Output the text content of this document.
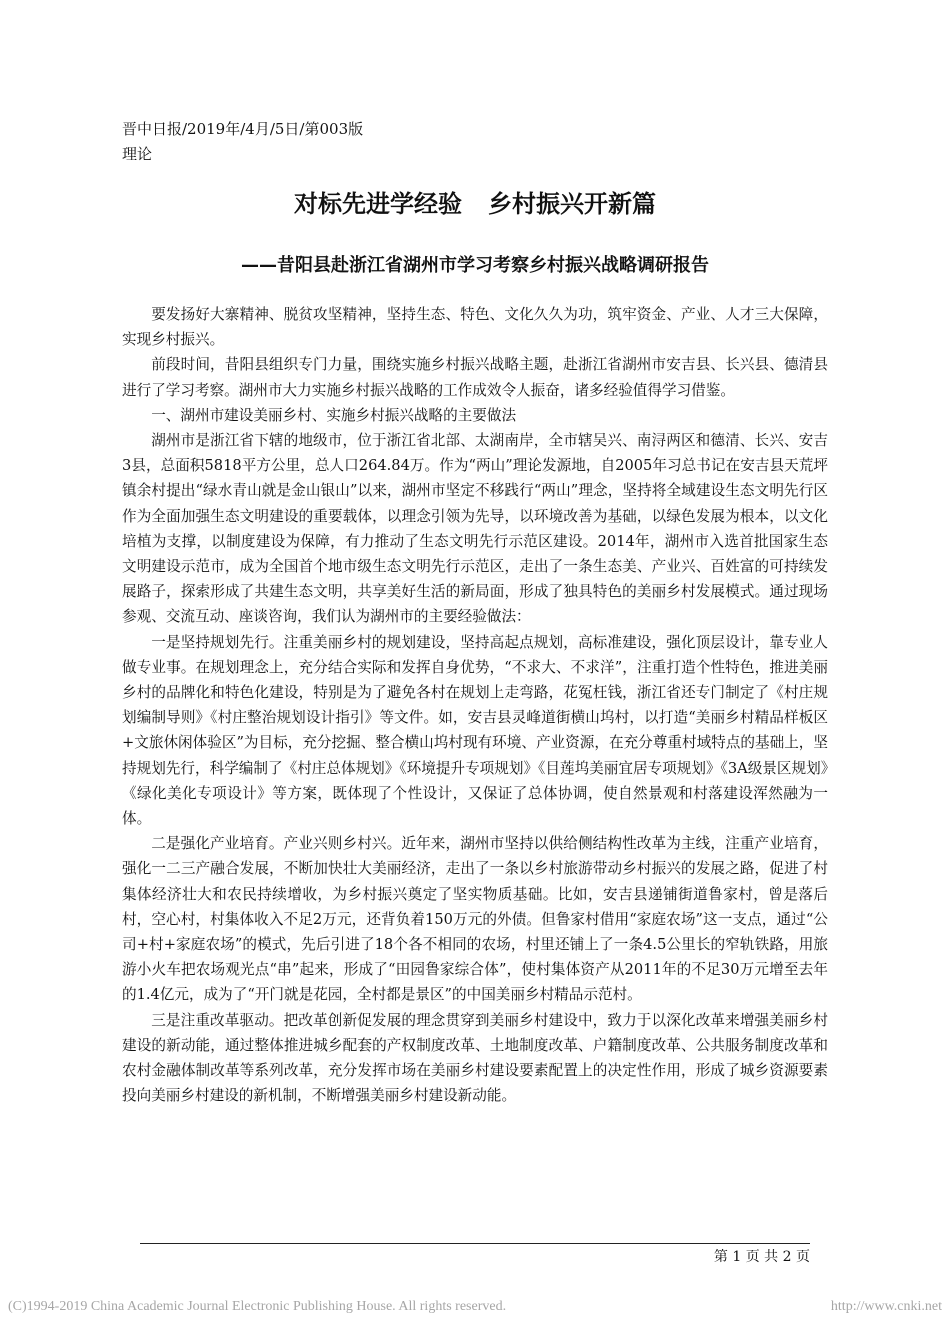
晋中日报/2019年/4月/5日/第003版
理论
对标先进学经验 乡村振兴开新篇
——昔阳县赴浙江省湖州市学习考察乡村振兴战略调研报告

要发扬好大寨精神、脱贫攻坚精神，坚持生态、特色、文化久久为功，筑牢资金、产业、人才三大保障，实现乡村振兴。

前段时间，昔阳县组织专门力量，围绕实施乡村振兴战略主题，赴浙江省湖州市安吉县、长兴县、德清县进行了学习考察。湖州市大力实施乡村振兴战略的工作成效令人振奋，诸多经验值得学习借鉴。

一、湖州市建设美丽乡村、实施乡村振兴战略的主要做法

湖州市是浙江省下辖的地级市，位于浙江省北部、太湖南岸，全市辖吴兴、南浔两区和德清、长兴、安吉3县，总面积5818平方公里，总人口264.84万。作为“两山”理论发源地，自2005年习总书记在安吉县天荒坪镇余村提出“绿水青山就是金山银山”以来，湖州市坚定不移践行“两山”理念，坚持将全域建设生态文明先行区作为全面加强生态文明建设的重要载体，以理念引领为先导，以环境改善为基础，以绿色发展为根本，以文化培植为支撑，以制度建设为保障，有力推动了生态文明先行示范区建设。2014年，湖州市入选首批国家生态文明建设示范市，成为全国首个地市级生态文明先行示范区，走出了一条生态美、产业兴、百姓富的可持续发展路子，探索形成了共建生态文明，共享美好生活的新局面，形成了独具特色的美丽乡村发展模式。通过现场参观、交流互动、座谈咨询，我们认为湖州市的主要经验做法：

一是坚持规划先行。注重美丽乡村的规划建设，坚持高起点规划，高标准建设，强化顶层设计，靠专业人做专业事。在规划理念上，充分结合实际和发挥自身优势，“不求大、不求洋”，注重打造个性特色，推进美丽乡村的品牌化和特色化建设，特别是为了避免各村在规划上走弯路，花冤枉钱，浙江省还专门制定了《村庄规划编制导则》《村庄整治规划设计指引》等文件。如，安吉县灵峰道街横山坞村，以打造“美丽乡村精品样板区+文旅休闲体验区”为目标，充分挖掘、整合横山坞村现有环境、产业资源，在充分尊重村域特点的基础上，坚持规划先行，科学编制了《村庄总体规划》《环境提升专项规划》《目莲坞美丽宜居专项规划》《3A级景区规划》《绿化美化专项设计》等方案，既体现了个性设计，又保证了总体协调，使自然景观和村落建设浑然融为一体。

二是强化产业培育。产业兴则乡村兴。近年来，湖州市坚持以供给侧结构性改革为主线，注重产业培育，强化一二三产融合发展，不断加快壮大美丽经济，走出了一条以乡村旅游带动乡村振兴的发展之路，促进了村集体经济壮大和农民持续增收，为乡村振兴奠定了坚实物质基础。比如，安吉县递铺街道鲁家村，曾是落后村，空心村，村集体收入不足2万元，还背负着150万元的外债。但鲁家村借用“家庭农场”这一支点，通过“公司+村+家庭农场”的模式，先后引进了18个各不相同的农场，村里还铺上了一条4.5公里长的窄轨铁路，用旅游小火车把农场观光点“串”起来，形成了“田园鲁家综合体”，使村集体资产从2011年的不足30万元增至去年的1.4亿元，成为了“开门就是花园，全村都是景区”的中国美丽乡村精品示范村。

三是注重改革驱动。把改革创新促发展的理念贯穿到美丽乡村建设中，致力于以深化改革来增强美丽乡村建设的新动能，通过整体推进城乡配套的产权制度改革、土地制度改革、户籍制度改革、公共服务制度改革和农村金融体制改革等系列改革，充分发挥市场在美丽乡村建设要素配置上的决定性作用，形成了城乡资源要素投向美丽乡村建设的新机制，不断增强美丽乡村建设新动能。

第 1 页 共 2 页
(C)1994-2019 China Academic Journal Electronic Publishing House. All rights reserved.	http://www.cnki.net
